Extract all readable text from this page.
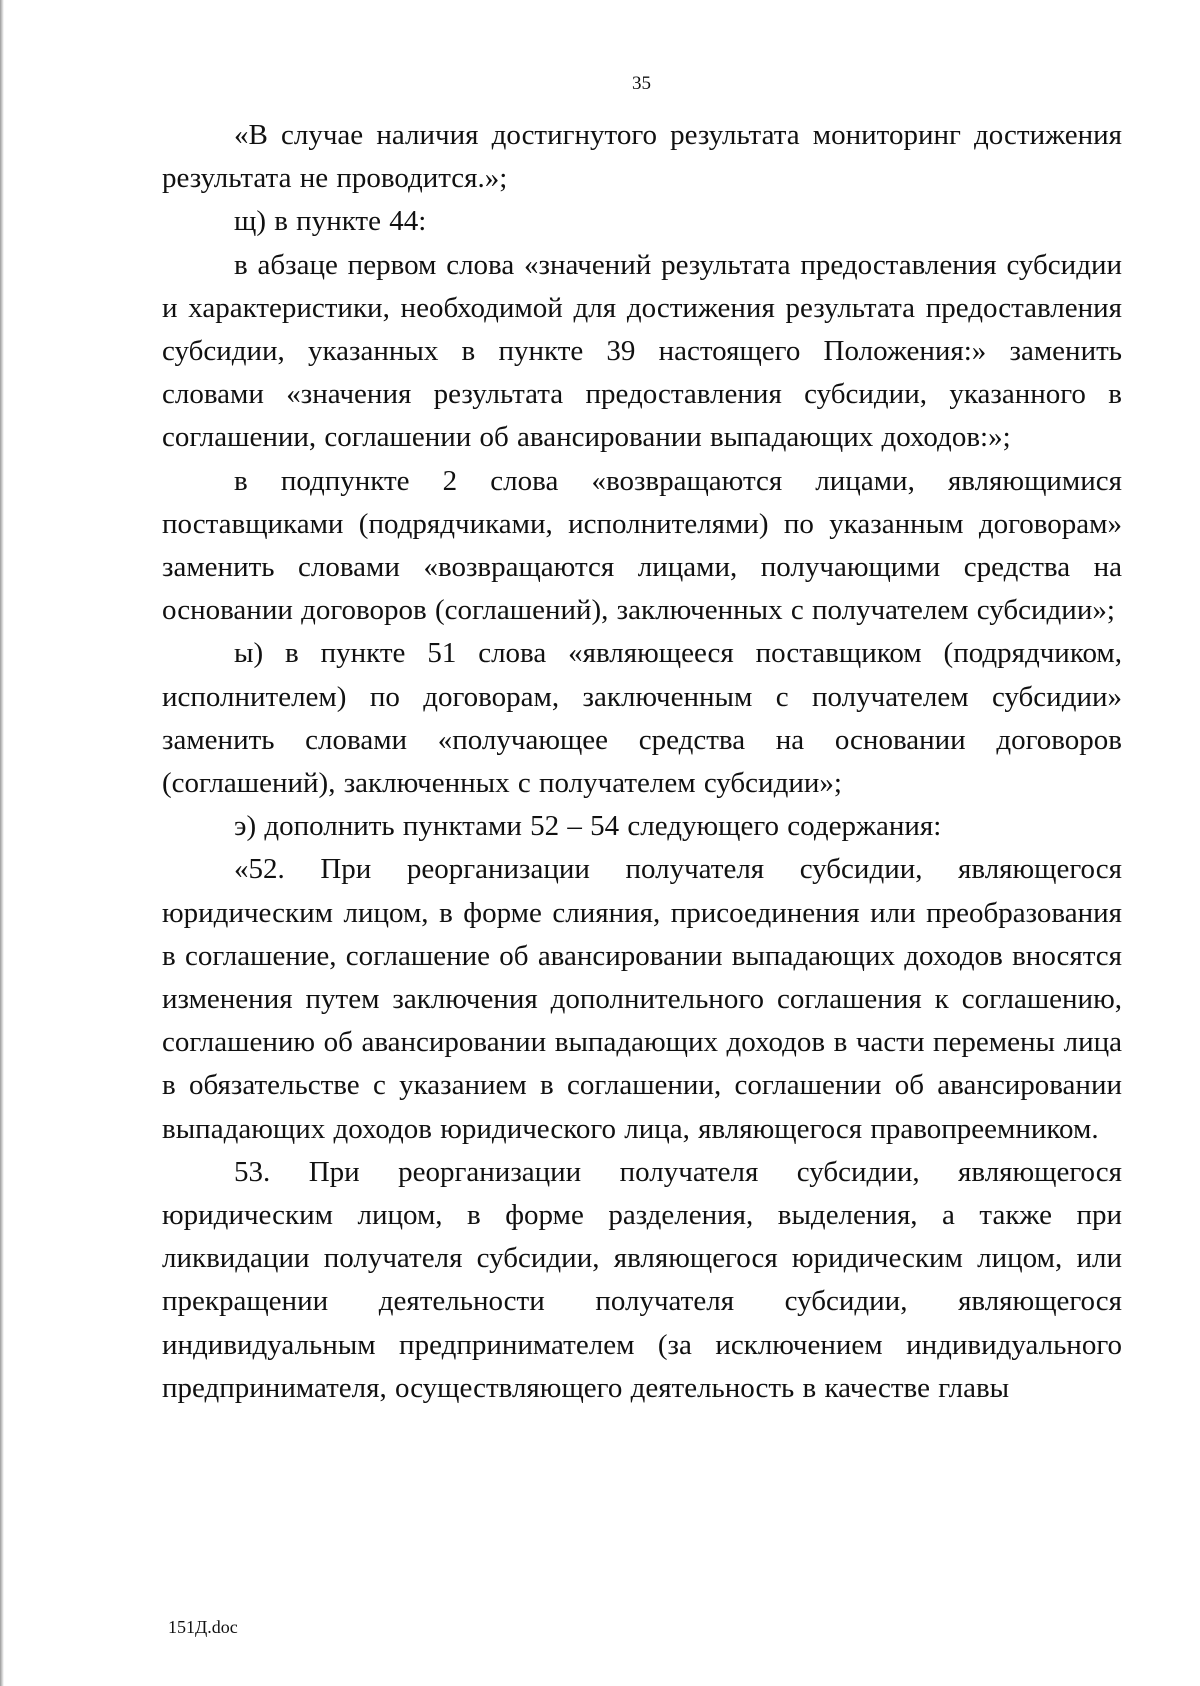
35

«В случае наличия достигнутого результата мониторинг достижения результата не проводится.»;

щ) в пункте 44:

в абзаце первом слова «значений результата предоставления субсидии и характеристики, необходимой для достижения результата предоставления субсидии, указанных в пункте 39 настоящего Положения:» заменить словами «значения результата предоставления субсидии, указанного в соглашении, соглашении об авансировании выпадающих доходов:»;

в подпункте 2 слова «возвращаются лицами, являющимися поставщиками (подрядчиками, исполнителями) по указанным договорам» заменить словами «возвращаются лицами, получающими средства на основании договоров (соглашений), заключенных с получателем субсидии»;

ы) в пункте 51 слова «являющееся поставщиком (подрядчиком, исполнителем) по договорам, заключенным с получателем субсидии» заменить словами «получающее средства на основании договоров (соглашений), заключенных с получателем субсидии»;

э) дополнить пунктами 52 – 54 следующего содержания:

«52. При реорганизации получателя субсидии, являющегося юридическим лицом, в форме слияния, присоединения или преобразования в соглашение, соглашение об авансировании выпадающих доходов вносятся изменения путем заключения дополнительного соглашения к соглашению, соглашению об авансировании выпадающих доходов в части перемены лица в обязательстве с указанием в соглашении, соглашении об авансировании выпадающих доходов юридического лица, являющегося правопреемником.

53. При реорганизации получателя субсидии, являющегося юридическим лицом, в форме разделения, выделения, а также при ликвидации получателя субсидии, являющегося юридическим лицом, или прекращении деятельности получателя субсидии, являющегося индивидуальным предпринимателем (за исключением индивидуального предпринимателя, осуществляющего деятельность в качестве главы

151Д.doc
